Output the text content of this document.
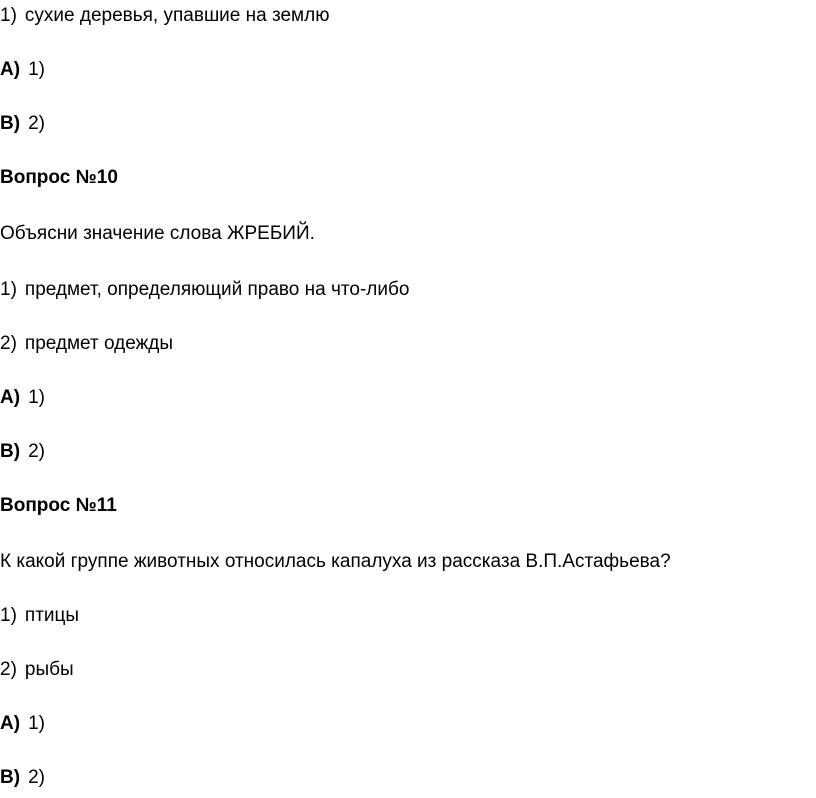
1) сухие деревья, упавшие на землю
А) 1)
В) 2)
Вопрос №10
Объясни значение слова ЖРЕБИЙ.
1) предмет, определяющий право на что-либо
2) предмет одежды
А) 1)
В) 2)
Вопрос №11
К какой группе животных относилась капалуха из рассказа В.П.Астафьева?
1) птицы
2) рыбы
А) 1)
В) 2)
